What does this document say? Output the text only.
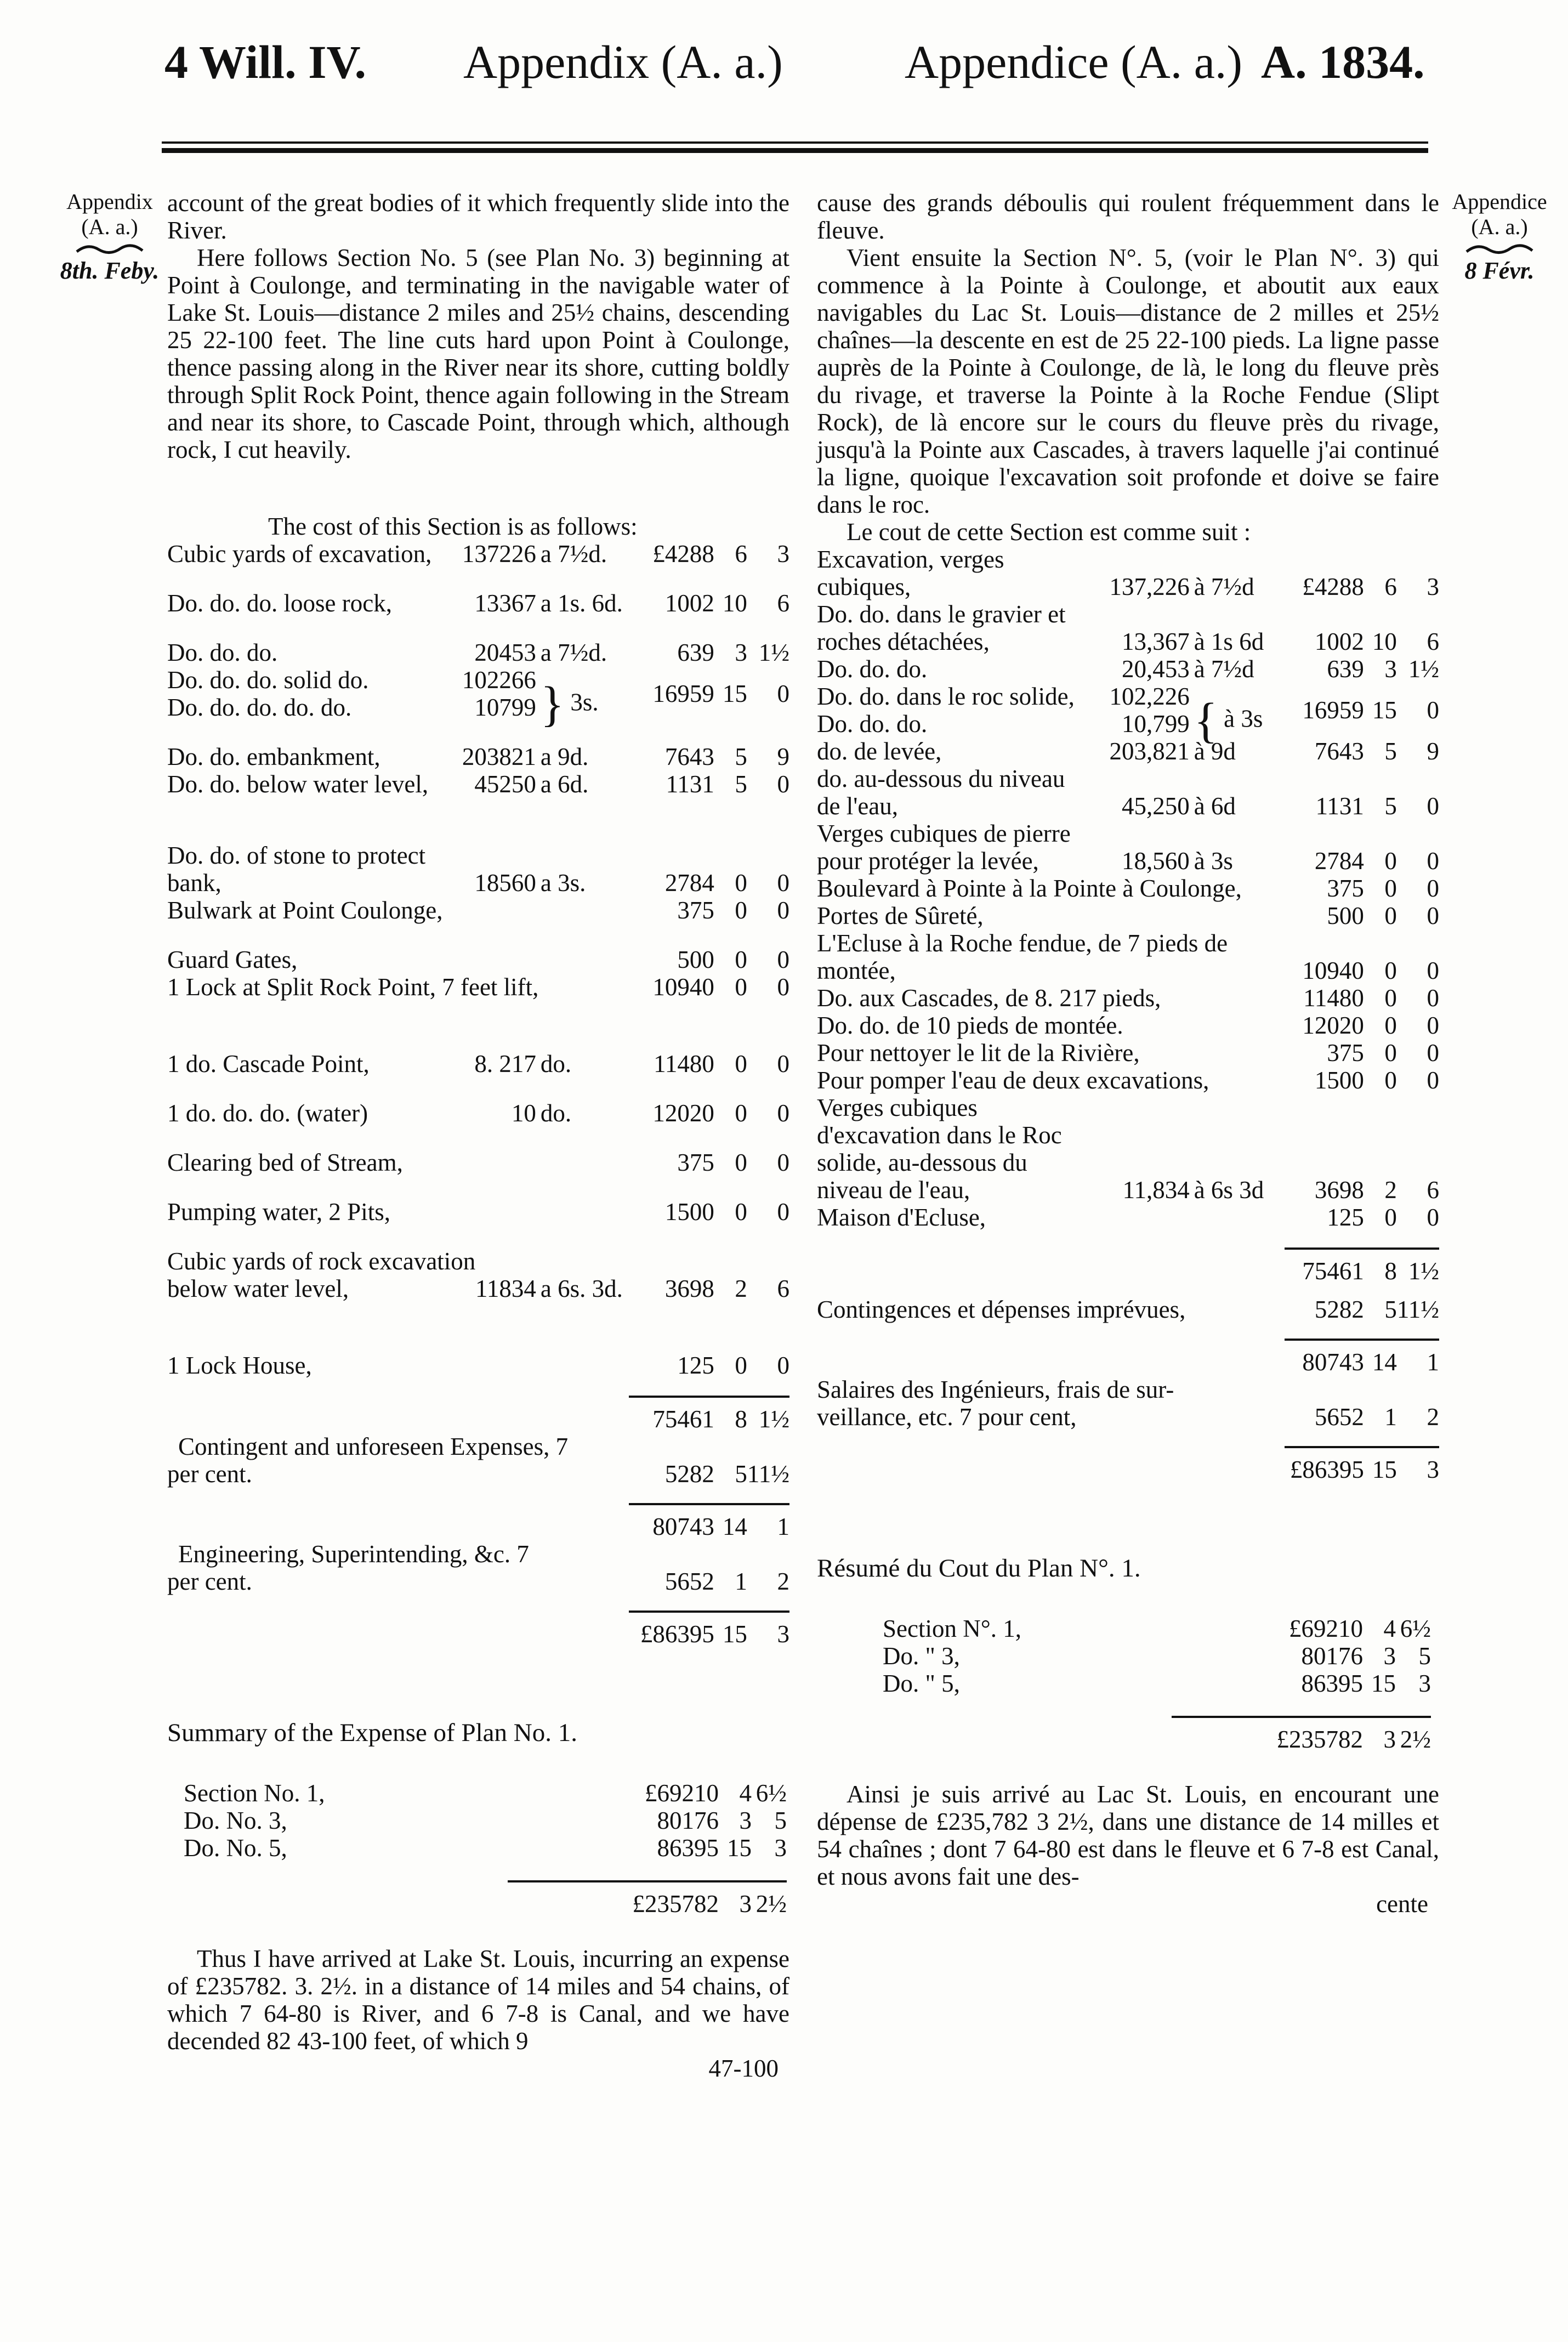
4 Will. IV. Appendix (A. a.)	Appendice (A. a.) A. 1834.
Appendix
(A. a.)
8th. Feby.
Appendice
(A. a.)
8 Févr.

account of the great bodies of it which frequently slide into the River.

Here follows Section No. 5 (see Plan No. 3) beginning at Point à Coulonge, and terminating in the navigable water of Lake St. Louis—distance 2 miles and 25½ chains, descending 25 22-100 feet. The line cuts hard upon Point à Coulonge, thence passing along in the River near its shore, cutting boldly through Split Rock Point, thence again following in the Stream and near its shore, to Cascade Point, through which, although rock, I cut heavily.

The cost of this Section is as follows:

Cubic yards of excavation,	137226	a 7½d.	£4288	6	3

Do. do. do. loose rock,	13367	a 1s. 6d.	1002	10	6

Do. do. do.	20453	a 7½d.	639	3	1½
Do. do. do. solid do.	102266	} 3s.	16959	15	0
Do. do. do. do. do.	10799				

Do. do. embankment,	203821	a 9d.	7643	5	9
Do. do. below water level,	45250	a 6d.	1131	5	0

Do. do. of stone to protect					
bank,	18560	a 3s.	2784	0	0
Bulwark at Point Coulonge,			375	0	0

Guard Gates,			500	0	0
1 Lock at Split Rock Point, 7 feet lift,			10940	0	0

1 do. Cascade Point,	8. 217	do.	11480	0	0

1 do. do. do. (water)	10	do.	12020	0	0

Clearing bed of Stream,			375	0	0

Pumping water, 2 Pits,			1500	0	0

Cubic yards of rock excavation					
below water level,	11834	a 6s. 3d.	3698	2	6

1 Lock House,			125	0	0

			75461	8	1½
Contingent and unforeseen Expenses, 7					
per cent.			5282	5	11½

			80743	14	1
Engineering, Superintending, &c. 7					
per cent.			5652	1	2

			£86395	15	3

Summary of the Expense of Plan No. 1.

Section No. 1,	£69210	4	6½
Do. No. 3,	80176	3	5
Do. No. 5,	86395	15	3

	£235782	3	2½

Thus I have arrived at Lake St. Louis, incurring an expense of £235782. 3. 2½. in a distance of 14 miles and 54 chains, of which 7 64-80 is River, and 6 7-8 is Canal, and we have decended 82 43-100 feet, of which 9

47-100

cause des grands déboulis qui roulent fréquemment dans le fleuve.

Vient ensuite la Section N°. 5, (voir le Plan N°. 3) qui commence à la Pointe à Coulonge, et aboutit aux eaux navigables du Lac St. Louis—distance de 2 milles et 25½ chaînes—la descente en est de 25 22-100 pieds. La ligne passe auprès de la Pointe à Coulonge, de là, le long du fleuve près du rivage, et traverse la Pointe à la Roche Fendue (Slipt Rock), de là encore sur le cours du fleuve près du rivage, jusqu'à la Pointe aux Cascades, à travers laquelle j'ai continué la ligne, quoique l'excavation soit profonde et doive se faire dans le roc.

Le cout de cette Section est comme suit :

Excavation, verges cubiques,	137,226	à 7½d	£4288	6	3
Do. do. dans le gravier et roches détachées,	13,367	à 1s 6d	1002	10	6
Do. do. do.	20,453	à 7½d	639	3	1½
Do. do. dans le roc solide,	102,226	{ à 3s	16959	15	0
Do. do. do.	10,799				
do. de levée,	203,821	à 9d	7643	5	9
do. au-dessous du niveau de l'eau,	45,250	à 6d	1131	5	0
Verges cubiques de pierre pour protéger la levée,	18,560	à 3s	2784	0	0
Boulevard à Pointe à la Pointe à Coulonge,			375	0	0
Portes de Sûreté,			500	0	0
L'Ecluse à la Roche fendue, de 7 pieds de montée,			10940	0	0
Do. aux Cascades, de 8. 217 pieds,			11480	0	0
Do. do. de 10 pieds de montée.			12020	0	0
Pour nettoyer le lit de la Rivière,			375	0	0
Pour pomper l'eau de deux excavations,			1500	0	0
Verges cubiques d'excavation dans le Roc solide, au-dessous du niveau de l'eau,	11,834	à 6s 3d	3698	2	6
Maison d'Ecluse,			125	0	0

			75461	8	1½

Contingences et dépenses imprévues,			5282	5	11½

			80743	14	1
Salaires des Ingénieurs, frais de sur-					
veillance, etc. 7 pour cent,			5652	1	2

			£86395	15	3

Résumé du Cout du Plan N°. 1.

Section N°. 1,	£69210	4	6½
Do. " 3,	80176	3	5
Do. " 5,	86395	15	3

	£235782	3	2½

Ainsi je suis arrivé au Lac St. Louis, en encourant une dépense de £235,782 3 2½, dans une distance de 14 milles et 54 chaînes ; dont 7 64-80 est dans le fleuve et 6 7-8 est Canal, et nous avons fait une des-

cente
